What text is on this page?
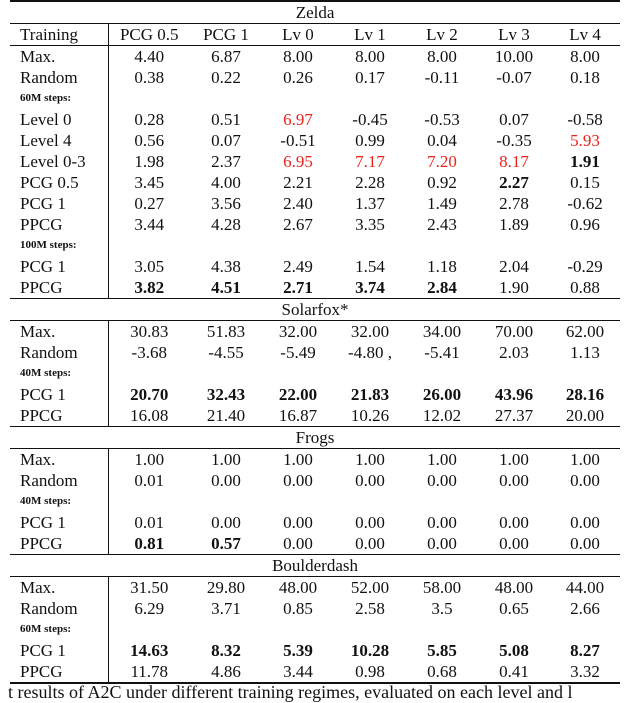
Zelda							
Training	PCG 0.5	PCG 1	Lv 0	Lv 1	Lv 2	Lv 3	Lv 4
Max.	4.40	6.87	8.00	8.00	8.00	10.00	8.00
Random	0.38	0.22	0.26	0.17	-0.11	-0.07	0.18
60M steps:							
Level 0	0.28	0.51	6.97	-0.45	-0.53	0.07	-0.58
Level 4	0.56	0.07	-0.51	0.99	0.04	-0.35	5.93
Level 0-3	1.98	2.37	6.95	7.17	7.20	8.17	1.91
PCG 0.5	3.45	4.00	2.21	2.28	0.92	2.27	0.15
PCG 1	0.27	3.56	2.40	1.37	1.49	2.78	-0.62
PPCG	3.44	4.28	2.67	3.35	2.43	1.89	0.96
100M steps:							
PCG 1	3.05	4.38	2.49	1.54	1.18	2.04	-0.29
PPCG	3.82	4.51	2.71	3.74	2.84	1.90	0.88
Solarfox*							
Max.	30.83	51.83	32.00	32.00	34.00	70.00	62.00
Random	-3.68	-4.55	-5.49	-4.80 ,	-5.41	2.03	1.13
40M steps:							
PCG 1	20.70	32.43	22.00	21.83	26.00	43.96	28.16
PPCG	16.08	21.40	16.87	10.26	12.02	27.37	20.00
Frogs							
Max.	1.00	1.00	1.00	1.00	1.00	1.00	1.00
Random	0.01	0.00	0.00	0.00	0.00	0.00	0.00
40M steps:							
PCG 1	0.01	0.00	0.00	0.00	0.00	0.00	0.00
PPCG	0.81	0.57	0.00	0.00	0.00	0.00	0.00
Boulderdash							
Max.	31.50	29.80	48.00	52.00	58.00	48.00	44.00
Random	6.29	3.71	0.85	2.58	3.5	0.65	2.66
60M steps:							
PCG 1	14.63	8.32	5.39	10.28	5.85	5.08	8.27
PPCG	11.78	4.86	3.44	0.98	0.68	0.41	3.32
t results of A2C under different training regimes, evaluated on each level and l
